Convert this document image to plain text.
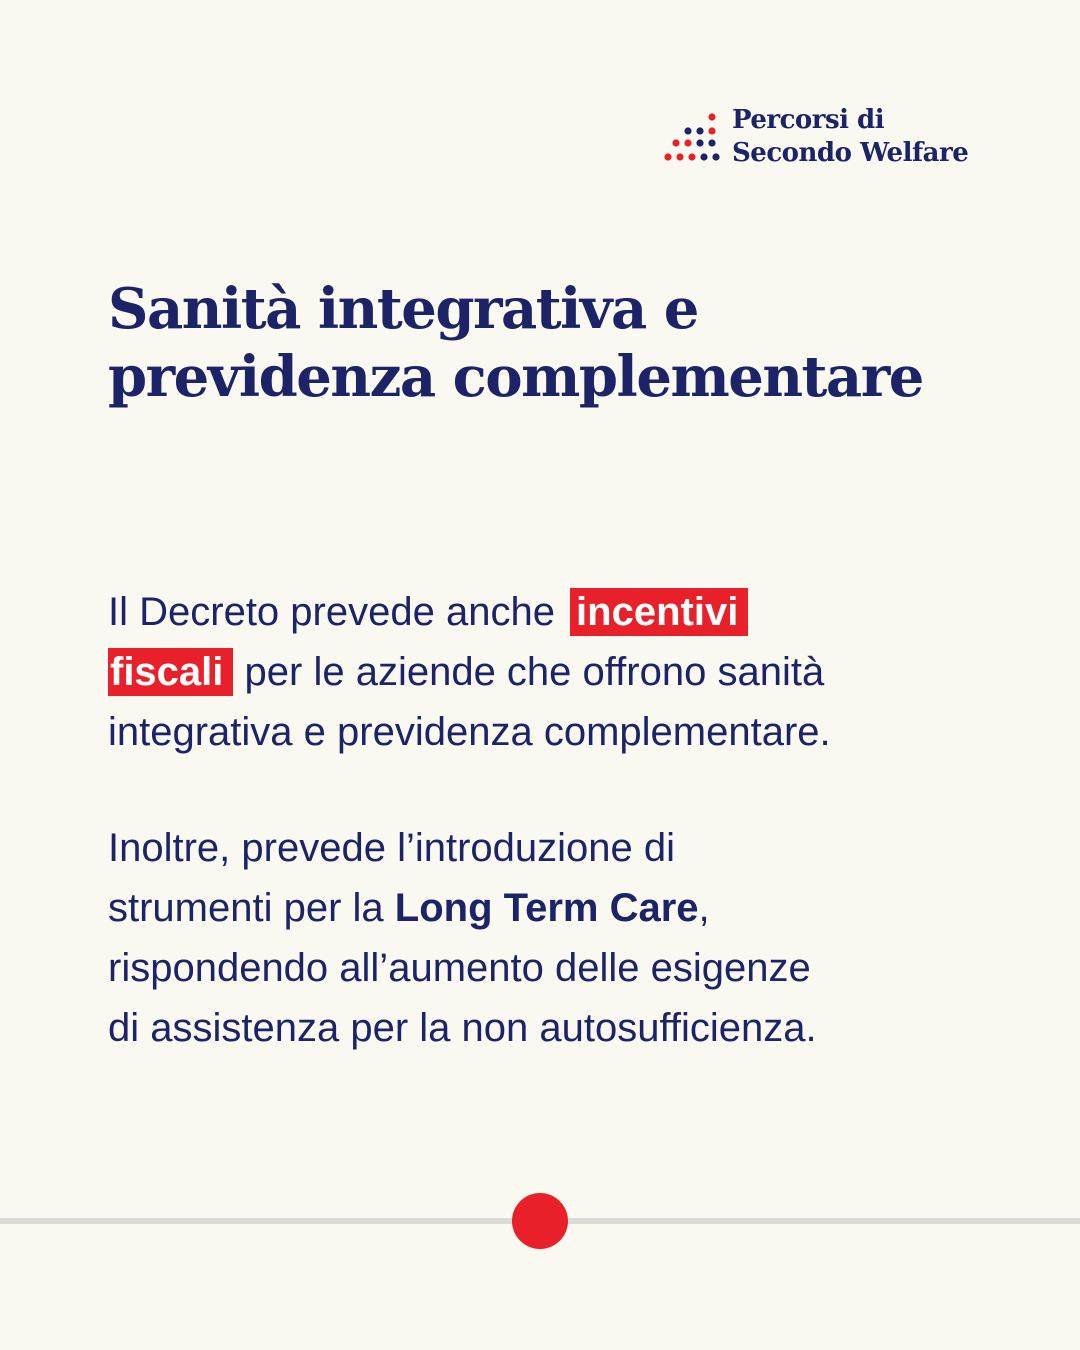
Percorsi di
Secondo Welfare
Sanità integrativa e
previdenza complementare

Il Decreto prevede anche incentivi
fiscali per le aziende che offrono sanità
integrativa e previdenza complementare.

Inoltre, prevede l’introduzione di
strumenti per la Long Term Care,
rispondendo all’aumento delle esigenze
di assistenza per la non autosufficienza.
